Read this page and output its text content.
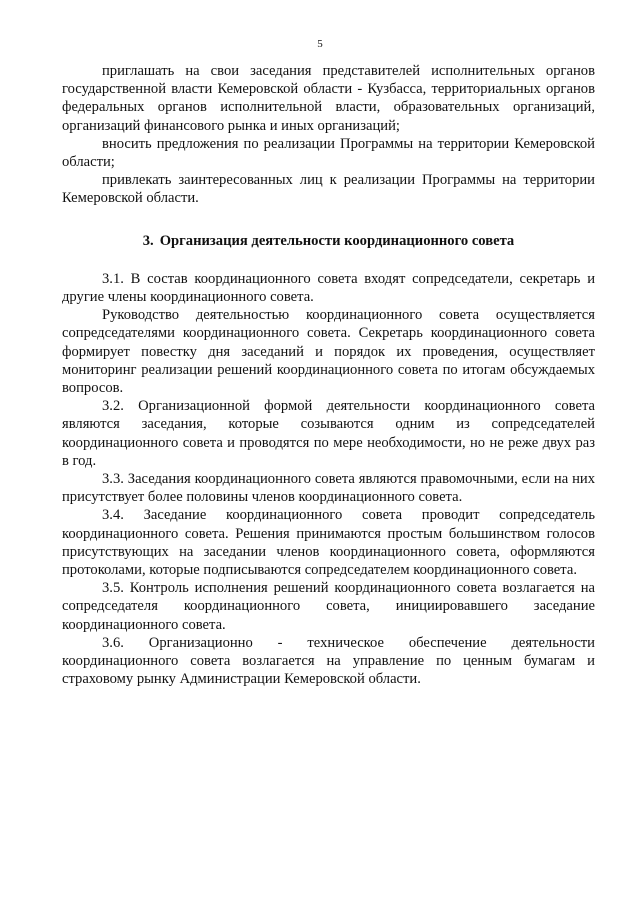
5

приглашать на свои заседания представителей исполнительных органов государственной власти Кемеровской области - Кузбасса, территориальных органов федеральных органов исполнительной власти, образовательных организаций, организаций финансового рынка и иных организаций;

вносить предложения по реализации Программы на территории Кемеровской области;

привлекать заинтересованных лиц к реализации Программы на территории Кемеровской области.

3. Организация деятельности координационного совета

3.1. В состав координационного совета входят сопредседатели, секретарь и другие члены координационного совета.

Руководство деятельностью координационного совета осуществляется сопредседателями координационного совета. Секретарь координационного совета формирует повестку дня заседаний и порядок их проведения, осуществляет мониторинг реализации решений координационного совета по итогам обсуждаемых вопросов.

3.2. Организационной формой деятельности координационного совета являются заседания, которые созываются одним из сопредседателей координационного совета и проводятся по мере необходимости, но не реже двух раз в год.

3.3. Заседания координационного совета являются правомочными, если на них присутствует более половины членов координационного совета.

3.4. Заседание координационного совета проводит сопредседатель координационного совета. Решения принимаются простым большинством голосов присутствующих на заседании членов координационного совета, оформляются протоколами, которые подписываются сопредседателем координационного совета.

3.5. Контроль исполнения решений координационного совета возлагается на сопредседателя координационного совета, инициировавшего заседание координационного совета.

3.6. Организационно - техническое обеспечение деятельности координационного совета возлагается на управление по ценным бумагам и страховому рынку Администрации Кемеровской области.
